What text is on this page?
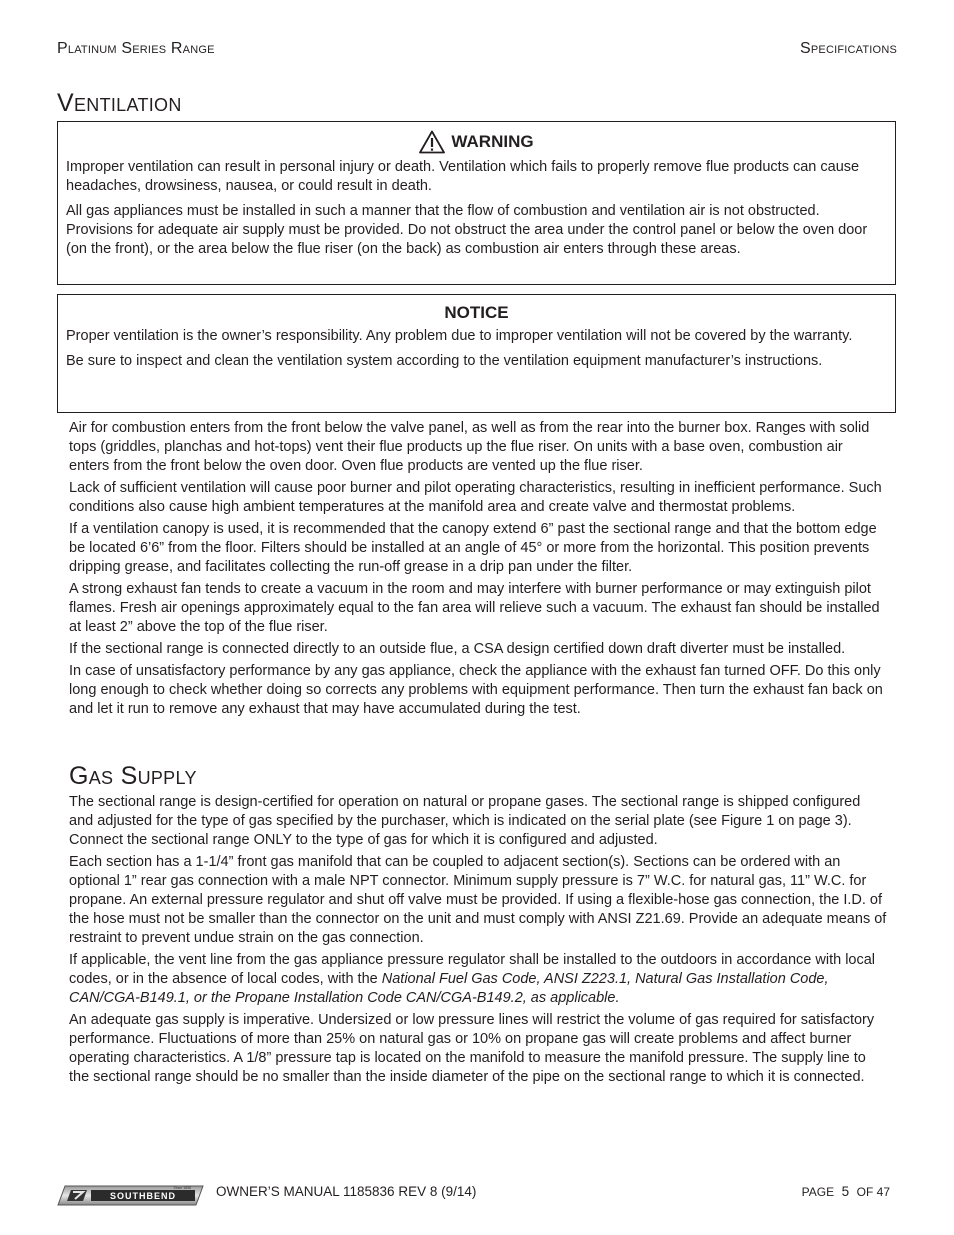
Platinum Series Range	Specifications
Ventilation
WARNING

Improper ventilation can result in personal injury or death. Ventilation which fails to properly remove flue products can cause headaches, drowsiness, nausea, or could result in death.

All gas appliances must be installed in such a manner that the flow of combustion and ventilation air is not obstructed. Provisions for adequate air supply must be provided. Do not obstruct the area under the control panel or below the oven door (on the front), or the area below the flue riser (on the back) as combustion air enters through these areas.

NOTICE

Proper ventilation is the owner’s responsibility. Any problem due to improper ventilation will not be covered by the warranty.

Be sure to inspect and clean the ventilation system according to the ventilation equipment manufacturer’s instructions.

Air for combustion enters from the front below the valve panel, as well as from the rear into the burner box. Ranges with solid tops (griddles, planchas and hot-tops) vent their flue products up the flue riser. On units with a base oven, combustion air enters from the front below the oven door. Oven flue products are vented up the flue riser.

Lack of sufficient ventilation will cause poor burner and pilot operating characteristics, resulting in inefficient performance. Such conditions also cause high ambient temperatures at the manifold area and create valve and thermostat problems.

If a ventilation canopy is used, it is recommended that the canopy extend 6” past the sectional range and that the bottom edge be located 6’6” from the floor. Filters should be installed at an angle of 45° or more from the horizontal. This position prevents dripping grease, and facilitates collecting the run-off grease in a drip pan under the filter.

A strong exhaust fan tends to create a vacuum in the room and may interfere with burner performance or may extinguish pilot flames. Fresh air openings approximately equal to the fan area will relieve such a vacuum. The exhaust fan should be installed at least 2” above the top of the flue riser.

If the sectional range is connected directly to an outside flue, a CSA design certified down draft diverter must be installed.

In case of unsatisfactory performance by any gas appliance, check the appliance with the exhaust fan turned OFF. Do this only long enough to check whether doing so corrects any problems with equipment performance. Then turn the exhaust fan back on and let it run to remove any exhaust that may have accumulated during the test.

Gas Supply

The sectional range is design-certified for operation on natural or propane gases. The sectional range is shipped configured and adjusted for the type of gas specified by the purchaser, which is indicated on the serial plate (see Figure 1 on page 3). Connect the sectional range ONLY to the type of gas for which it is configured and adjusted.

Each section has a 1-1/4” front gas manifold that can be coupled to adjacent section(s). Sections can be ordered with an optional 1” rear gas connection with a male NPT connector. Minimum supply pressure is 7” W.C. for natural gas, 11” W.C. for propane. An external pressure regulator and shut off valve must be provided. If using a flexible-hose gas connection, the I.D. of the hose must not be smaller than the connector on the unit and must comply with ANSI Z21.69. Provide an adequate means of restraint to prevent undue strain on the gas connection.

If applicable, the vent line from the gas appliance pressure regulator shall be installed to the outdoors in accordance with local codes, or in the absence of local codes, with the National Fuel Gas Code, ANSI Z223.1, Natural Gas Installation Code, CAN/CGA-B149.1, or the Propane Installation Code CAN/CGA-B149.2, as applicable.

An adequate gas supply is imperative. Undersized or low pressure lines will restrict the volume of gas required for satisfactory performance. Fluctuations of more than 25% on natural gas or 10% on propane gas will create problems and affect burner operating characteristics. A 1/8” pressure tap is located on the manifold to measure the manifold pressure. The supply line to the sectional range should be no smaller than the inside diameter of the pipe on the sectional range to which it is connected.

SOUTHBEND
Since 1898 OWNER’S MANUAL 1185836 REV 8 (9/14)	PAGE 5 OF 47
